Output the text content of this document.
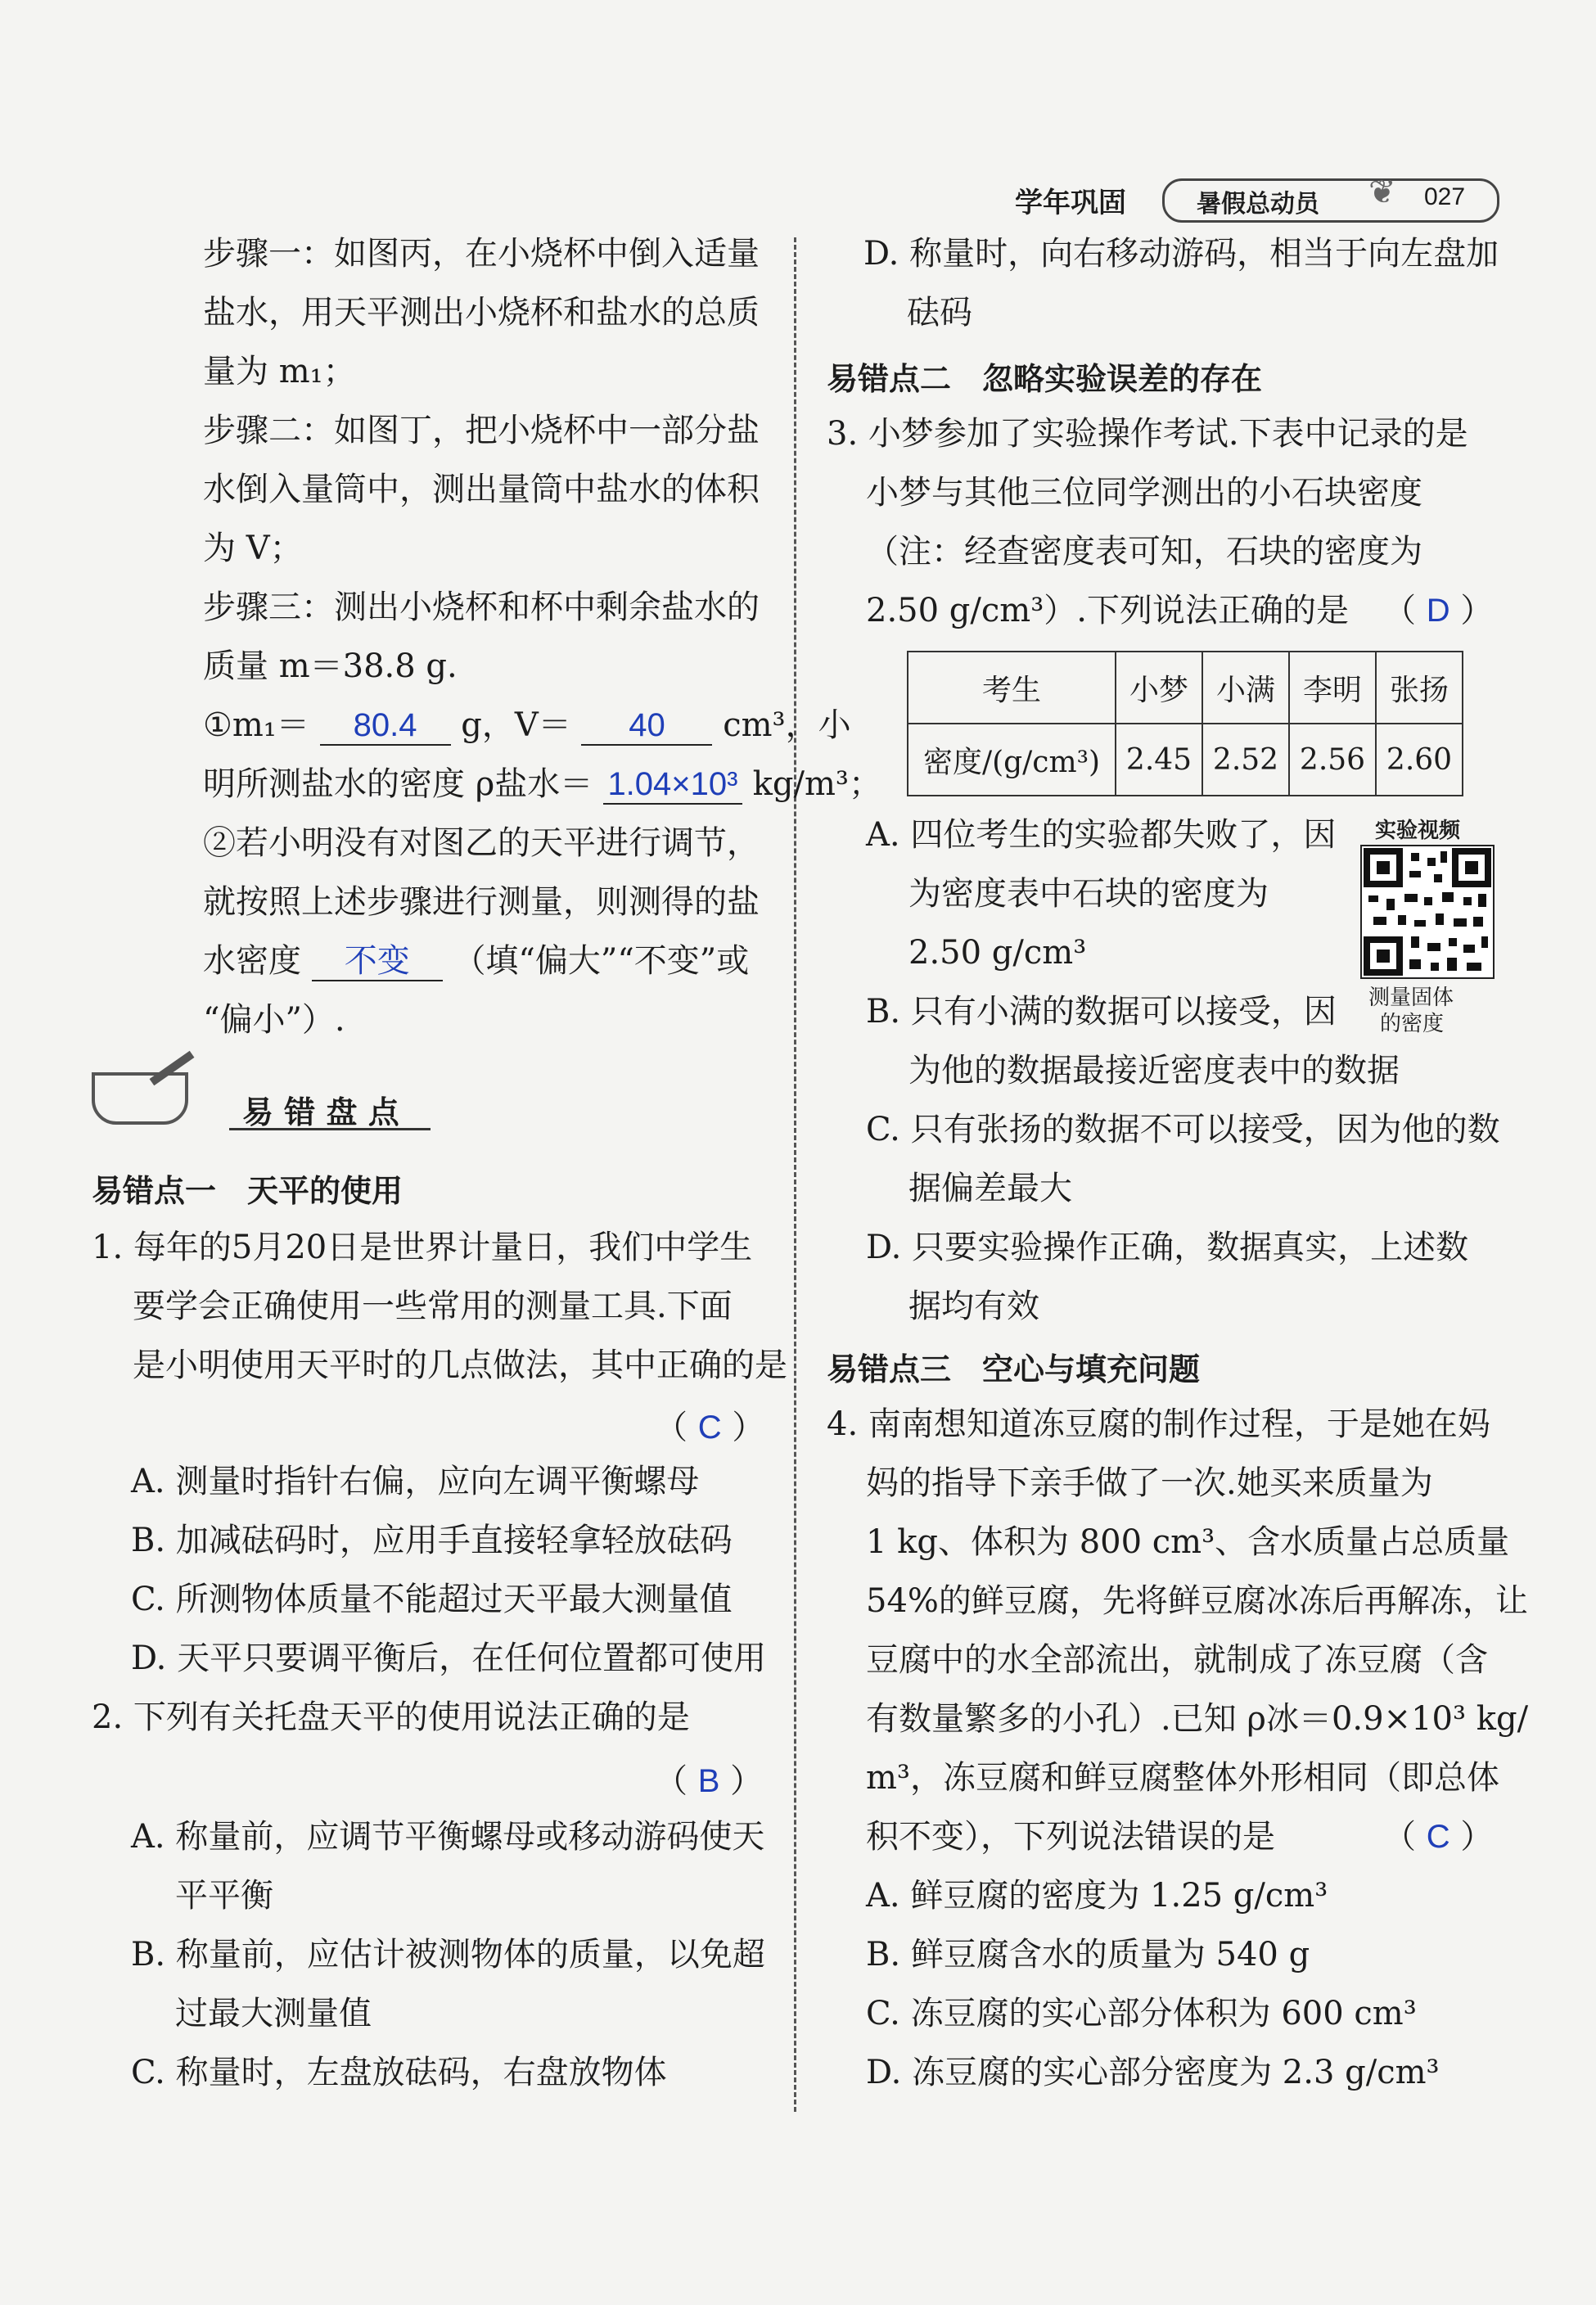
学年巩固	暑假总动员 ❦ 027
步骤一：如图丙，在小烧杯中倒入适量
盐水，用天平测出小烧杯和盐水的总质
量为 m₁；
步骤二：如图丁，把小烧杯中一部分盐
水倒入量筒中，测出量筒中盐水的体积
为 V；
步骤三：测出小烧杯和杯中剩余盐水的
质量 m＝38.8 g.
①m₁＝ 80.4 g，V＝ 40 cm³，小
明所测盐水的密度 ρ盐水＝ 1.04×10³ kg/m³；
②若小明没有对图乙的天平进行调节，
就按照上述步骤进行测量，则测得的盐
水密度 不变 （填“偏大”“不变”或
“偏小”）.
易 错 盘 点
易错点一　天平的使用
1. 每年的5月20日是世界计量日，我们中学生
要学会正确使用一些常用的测量工具.下面
是小明使用天平时的几点做法，其中正确的是
（ C ）
A. 测量时指针右偏，应向左调平衡螺母
B. 加减砝码时，应用手直接轻拿轻放砝码
C. 所测物体质量不能超过天平最大测量值
D. 天平只要调平衡后，在任何位置都可使用
2. 下列有关托盘天平的使用说法正确的是
（ B ）
A. 称量前，应调节平衡螺母或移动游码使天
平平衡
B. 称量前，应估计被测物体的质量，以免超
过最大测量值
C. 称量时，左盘放砝码，右盘放物体
D. 称量时，向右移动游码，相当于向左盘加
砝码
易错点二　忽略实验误差的存在
3. 小梦参加了实验操作考试.下表中记录的是
小梦与其他三位同学测出的小石块密度
（注：经查密度表可知，石块的密度为
2.50 g/cm³）.下列说法正确的是 （ D ）
考生	小梦	小满	李明	张扬
密度/(g/cm³)	2.45	2.52	2.56	2.60
A. 四位考生的实验都失败了，因
为密度表中石块的密度为
2.50 g/cm³
B. 只有小满的数据可以接受，因
为他的数据最接近密度表中的数据
C. 只有张扬的数据不可以接受，因为他的数
据偏差最大
D. 只要实验操作正确，数据真实，上述数
据均有效
实验视频
测量固体
的密度
易错点三　空心与填充问题
4. 南南想知道冻豆腐的制作过程，于是她在妈
妈的指导下亲手做了一次.她买来质量为
1 kg、体积为 800 cm³、含水质量占总质量
54%的鲜豆腐，先将鲜豆腐冰冻后再解冻，让
豆腐中的水全部流出，就制成了冻豆腐（含
有数量繁多的小孔）.已知 ρ冰＝0.9×10³ kg/
m³，冻豆腐和鲜豆腐整体外形相同（即总体
积不变），下列说法错误的是	（ C ）
A. 鲜豆腐的密度为 1.25 g/cm³
B. 鲜豆腐含水的质量为 540 g
C. 冻豆腐的实心部分体积为 600 cm³
D. 冻豆腐的实心部分密度为 2.3 g/cm³
